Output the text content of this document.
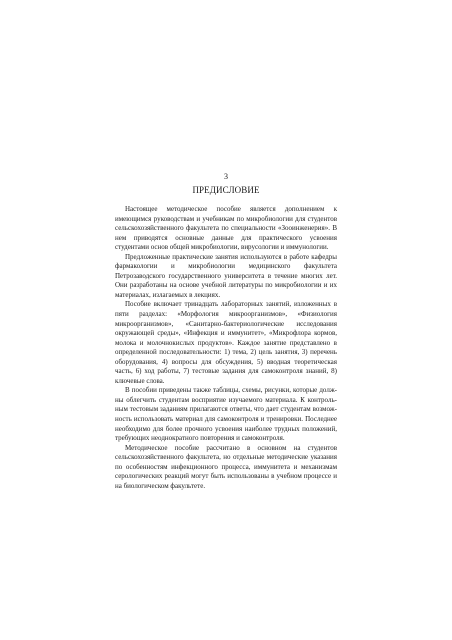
3
ПРЕДИСЛОВИЕ

Настоящее методическое пособие является дополнением к имеющимся руководствам и учебникам по микробиологии для студентов сельскохозяйственного факультета по специальности «Зооинженерия». В нем приводятся основные данные для практического усвоения студентами основ общей микробиологии, вирусологии и иммунологии.

Предложенные практические занятия используются в работе кафедры фармакологии и микробиологии медицинского факультета Петрозаводского государственного университета в течение многих лет. Они разработаны на основе учебной литературы по микробиологии и их материалах, излагаемых в лекциях.

Пособие включает тринадцать лабораторных занятий, изложенных в пяти разделах: «Морфология микроорганизмов», «Физиология микроорганизмов», «Санитарно-бактериологические исследования окружающей среды», «Инфекция и иммунитет», «Микрофлора кормов, молока и молочнокислых продуктов». Каждое занятие представлено в определенной последовательности: 1) тема, 2) цель занятия, 3) перечень оборудования, 4) вопросы для обсуждения, 5) вводная теоретическая часть, 6) ход работы, 7) тестовые задания для самоконтроля знаний, 8) ключевые слова.

В пособии приведены также таблицы, схемы, рисунки, которые должны облегчить студентам восприятие изучаемого материала. К контрольным тестовым заданиям прилагаются ответы, что дает студентам возможность использовать материал для самоконтроля и тренировки. Последнее необходимо для более прочного усвоения наиболее трудных положений, требующих неоднократного повторения и самоконтроля.

Методическое пособие рассчитано в основном на студентов сельскохозяйственного факультета, но отдельные методические указания по особенностям инфекционного процесса, иммунитета и механизмам серологических реакций могут быть использованы в учебном процессе и на биологическом факультете.
